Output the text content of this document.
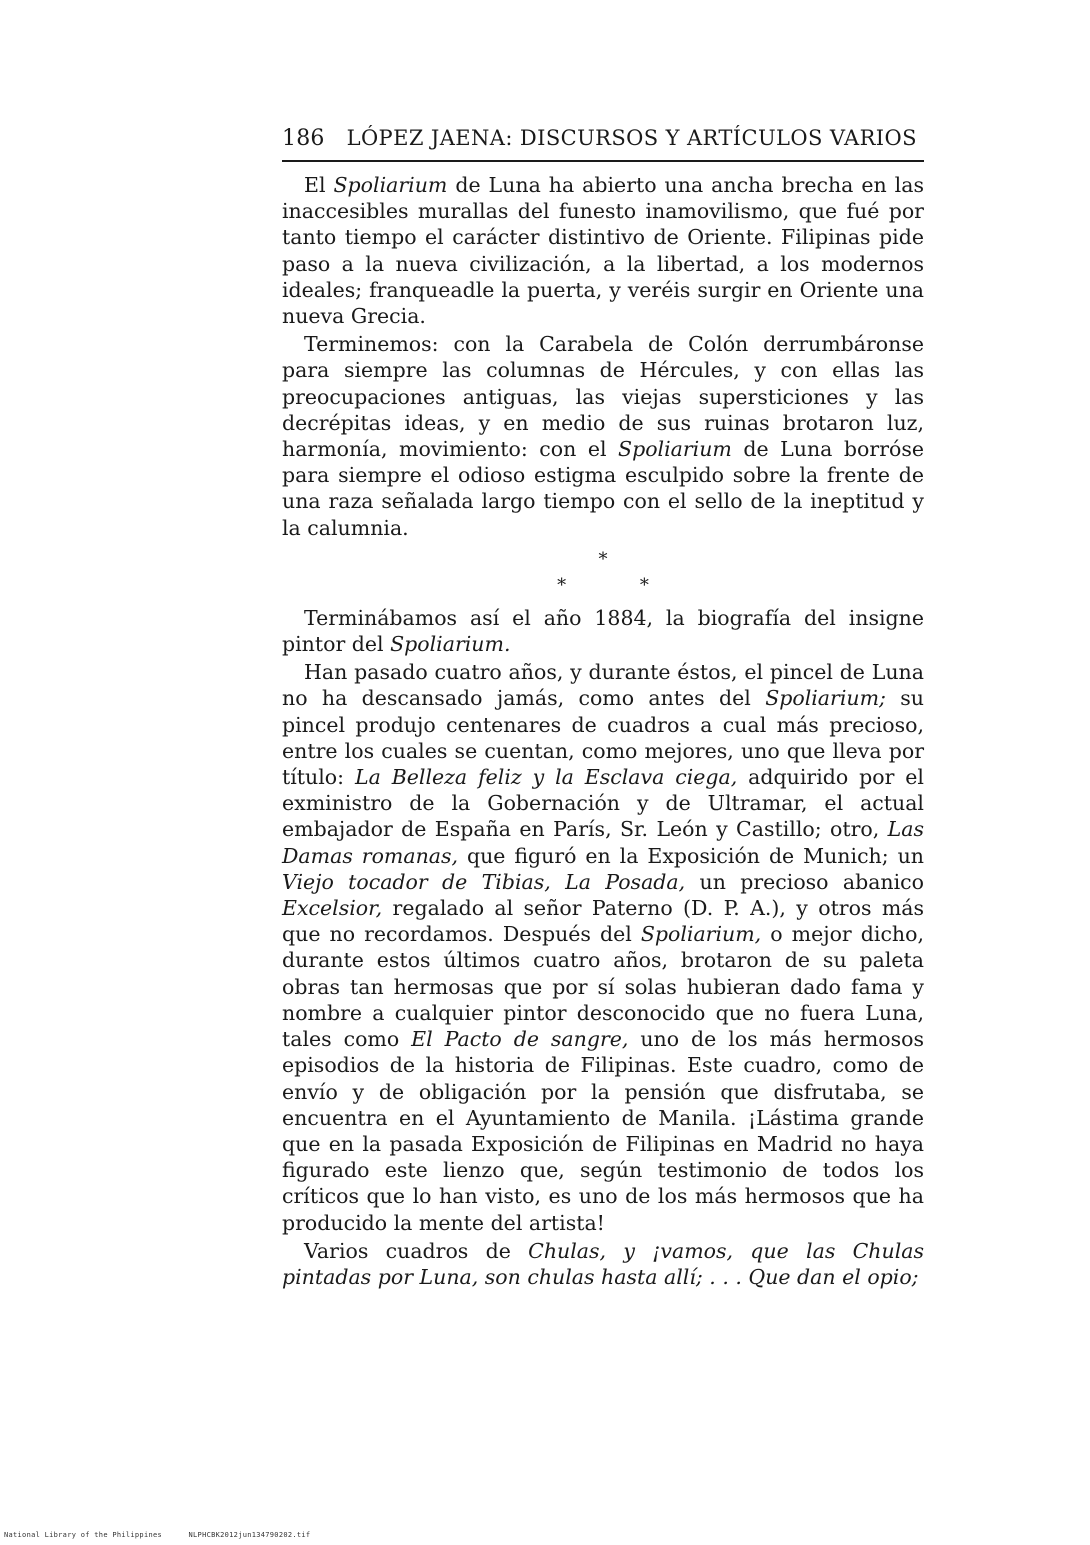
186 LÓPEZ JAENA: DISCURSOS Y ARTÍCULOS VARIOS

El Spoliarium de Luna ha abierto una ancha brecha en las inaccesibles murallas del funesto inamovilismo, que fué por tanto tiempo el carácter distintivo de Oriente. Filipinas pide paso a la nueva civilización, a la libertad, a los modernos ideales; franqueadle la puerta, y veréis surgir en Oriente una nueva Grecia.

Terminemos: con la Carabela de Colón derrumbáronse para siempre las columnas de Hércules, y con ellas las preocupaciones antiguas, las viejas supersticiones y las decrépitas ideas, y en medio de sus ruinas brotaron luz, harmonía, movimiento: con el Spoliarium de Luna borróse para siempre el odioso estigma esculpido sobre la frente de una raza señalada largo tiempo con el sello de la ineptitud y la calumnia.

*
* *

Terminábamos así el año 1884, la biografía del insigne pintor del Spoliarium.

Han pasado cuatro años, y durante éstos, el pincel de Luna no ha descansado jamás, como antes del Spoliarium; su pincel produjo centenares de cuadros a cual más precioso, entre los cuales se cuentan, como mejores, uno que lleva por título: La Belleza feliz y la Esclava ciega, adquirido por el exministro de la Gobernación y de Ultramar, el actual embajador de España en París, Sr. León y Castillo; otro, Las Damas romanas, que figuró en la Exposición de Munich; un Viejo tocador de Tibias, La Posada, un precioso abanico Excelsior, regalado al señor Paterno (D. P. A.), y otros más que no recordamos. Después del Spoliarium, o mejor dicho, durante estos últimos cuatro años, brotaron de su paleta obras tan hermosas que por sí solas hubieran dado fama y nombre a cualquier pintor desconocido que no fuera Luna, tales como El Pacto de sangre, uno de los más hermosos episodios de la historia de Filipinas. Este cuadro, como de envío y de obligación por la pensión que disfrutaba, se encuentra en el Ayuntamiento de Manila. ¡Lástima grande que en la pasada Exposición de Filipinas en Madrid no haya figurado este lienzo que, según testimonio de todos los críticos que lo han visto, es uno de los más hermosos que ha producido la mente del artista!

Varios cuadros de Chulas, y ¡vamos, que las Chulas pintadas por Luna, son chulas hasta allí; . . . Que dan el opio;

National Library of the Philippines	NLPHCBK2012jun134790202.tif
